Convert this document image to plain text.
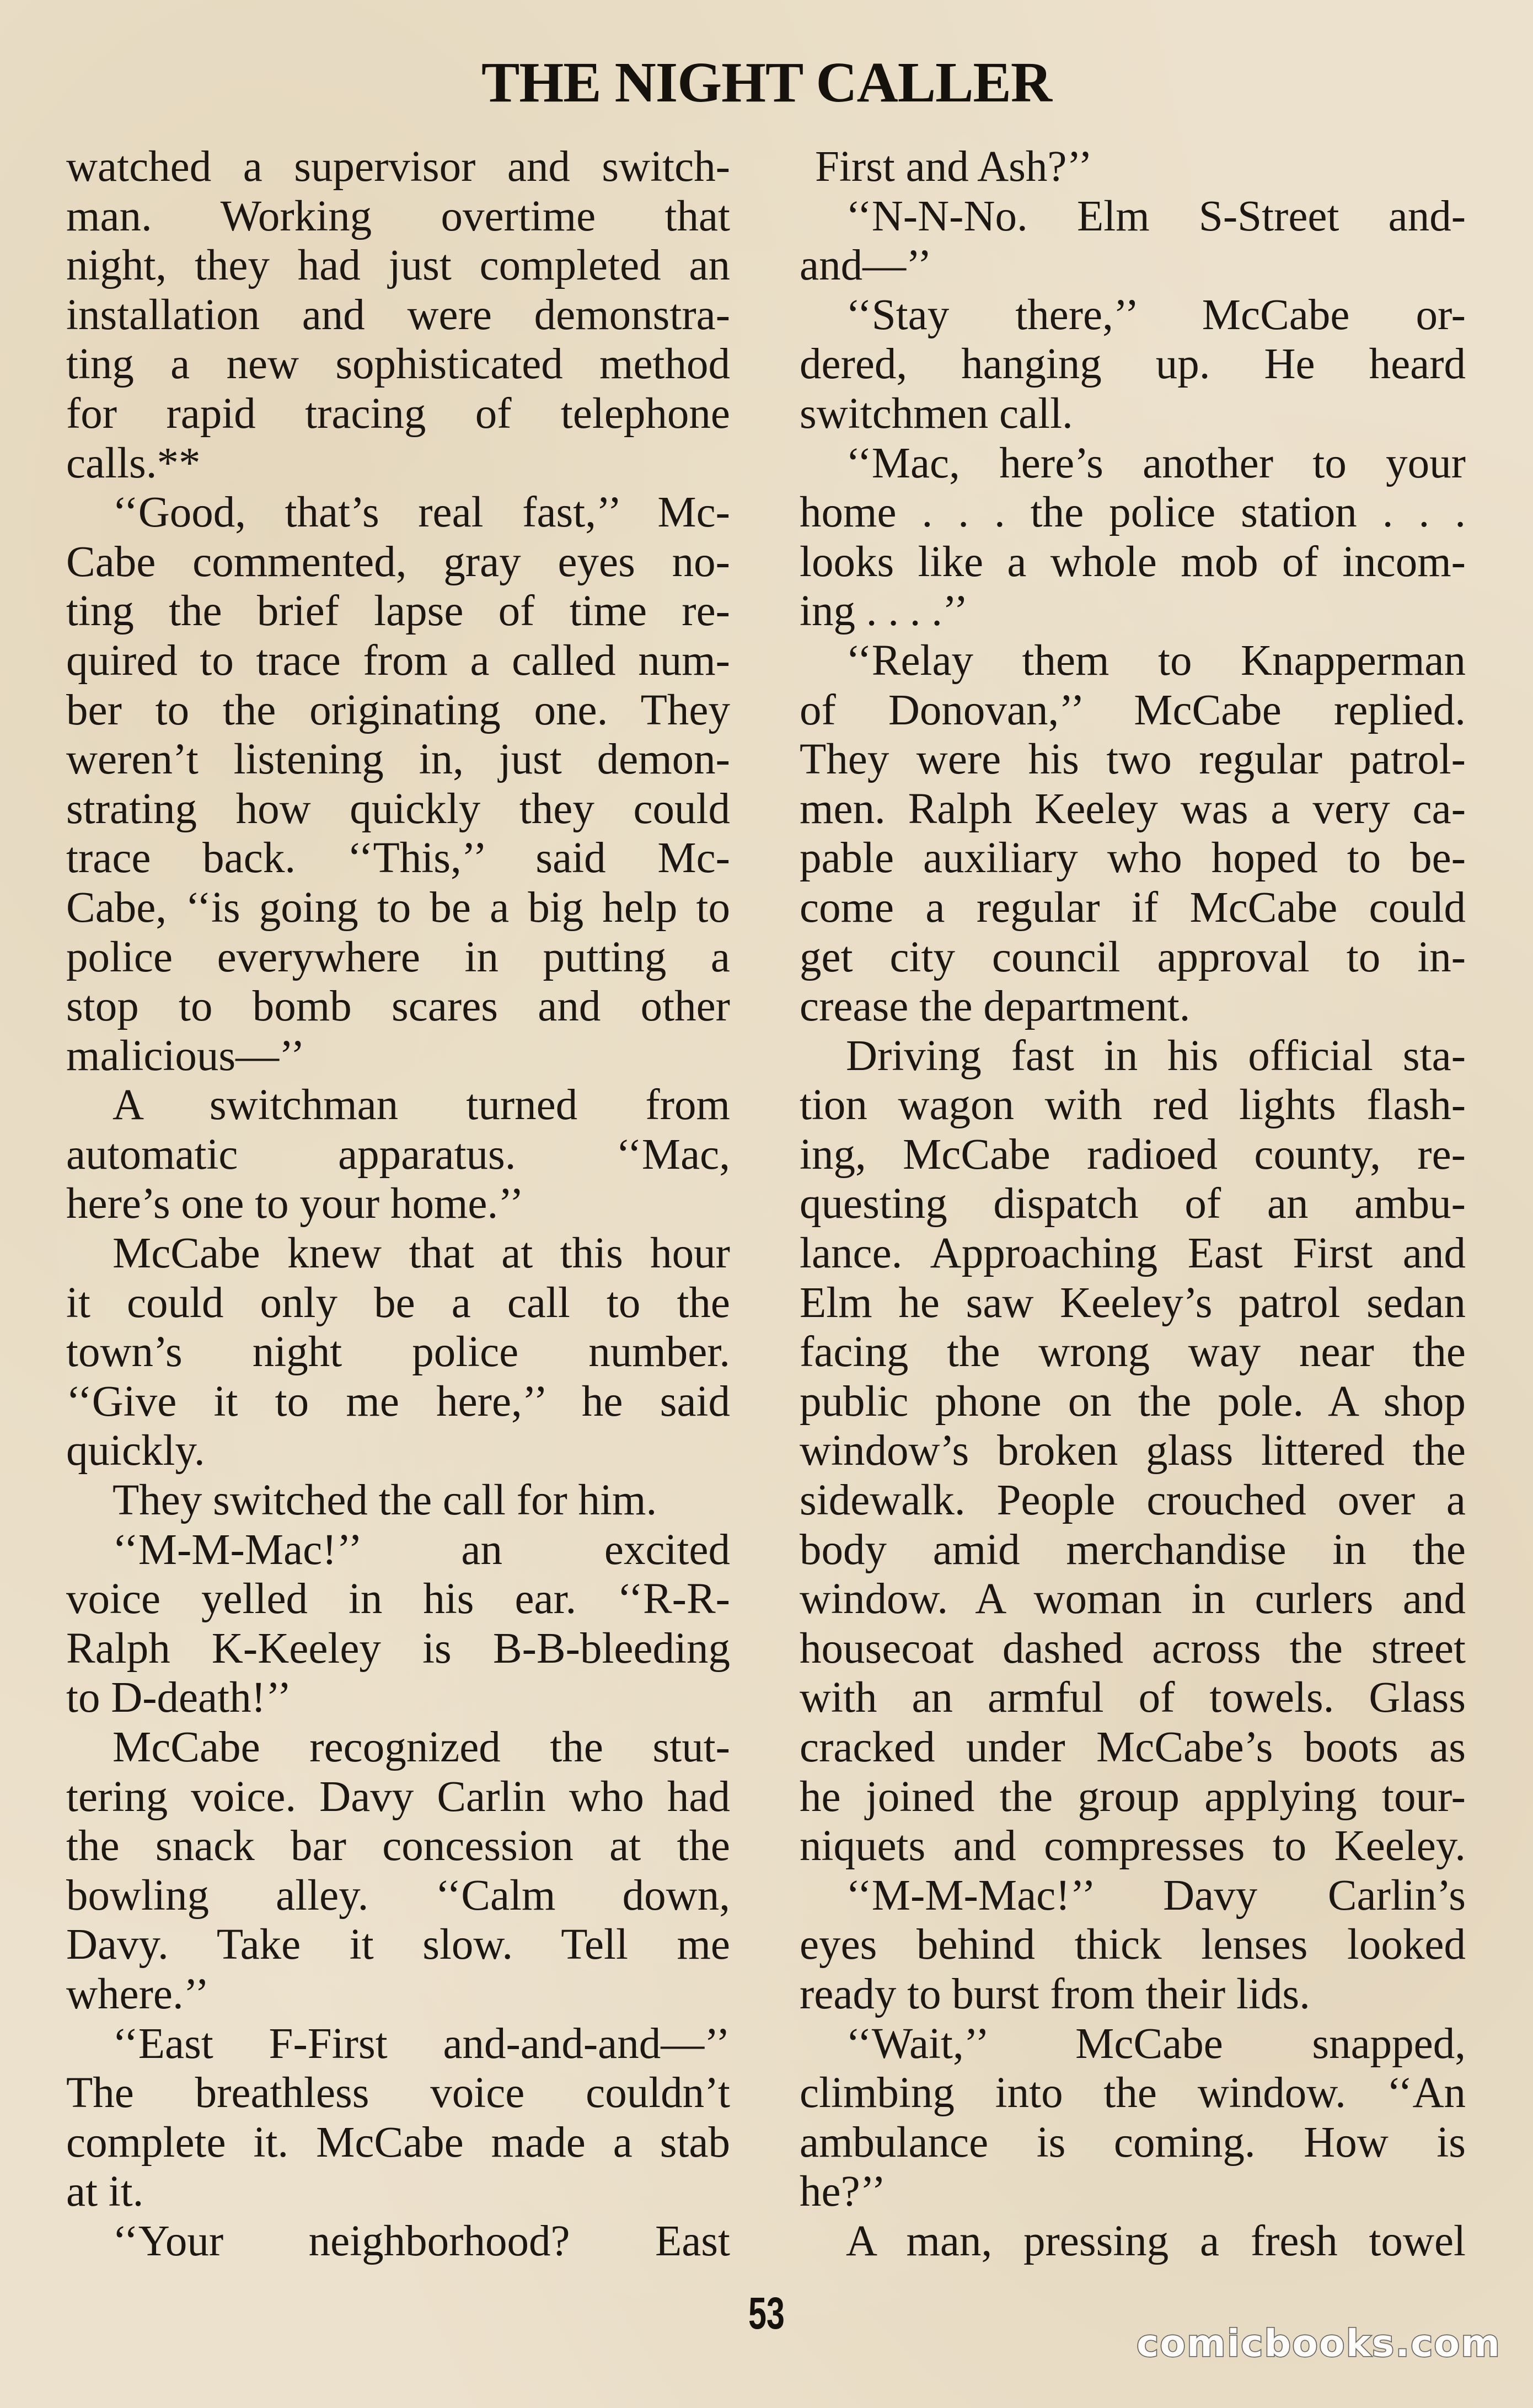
THE NIGHT CALLER
watched a supervisor and switch-
man. Working overtime that
night, they had just completed an
installation and were demonstra-
ting a new sophisticated method
for rapid tracing of telephone
calls.**
‘‘Good, that’s real fast,’’ Mc-
Cabe commented, gray eyes no-
ting the brief lapse of time re-
quired to trace from a called num-
ber to the originating one. They
weren’t listening in, just demon-
strating how quickly they could
trace back. ‘‘This,’’ said Mc-
Cabe, ‘‘is going to be a big help to
police everywhere in putting a
stop to bomb scares and other
malicious—’’
A switchman turned from
automatic apparatus. ‘‘Mac,
here’s one to your home.’’
McCabe knew that at this hour
it could only be a call to the
town’s night police number.
‘‘Give it to me here,’’ he said
quickly.
They switched the call for him.
‘‘M-M-Mac!’’ an excited
voice yelled in his ear. ‘‘R-R-
Ralph K-Keeley is B-B-bleeding
to D-death!’’
McCabe recognized the stut-
tering voice. Davy Carlin who had
the snack bar concession at the
bowling alley. ‘‘Calm down,
Davy. Take it slow. Tell me
where.’’
‘‘East F-First and-and-and—’’
The breathless voice couldn’t
complete it. McCabe made a stab
at it.
‘‘Your neighborhood? East
First and Ash?’’
‘‘N-N-No. Elm S-Street and-
and—’’
‘‘Stay there,’’ McCabe or-
dered, hanging up. He heard
switchmen call.
‘‘Mac, here’s another to your
home . . . the police station . . .
looks like a whole mob of incom-
ing . . . .’’
‘‘Relay them to Knapperman
of Donovan,’’ McCabe replied.
They were his two regular patrol-
men. Ralph Keeley was a very ca-
pable auxiliary who hoped to be-
come a regular if McCabe could
get city council approval to in-
crease the department.
Driving fast in his official sta-
tion wagon with red lights flash-
ing, McCabe radioed county, re-
questing dispatch of an ambu-
lance. Approaching East First and
Elm he saw Keeley’s patrol sedan
facing the wrong way near the
public phone on the pole. A shop
window’s broken glass littered the
sidewalk. People crouched over a
body amid merchandise in the
window. A woman in curlers and
housecoat dashed across the street
with an armful of towels. Glass
cracked under McCabe’s boots as
he joined the group applying tour-
niquets and compresses to Keeley.
‘‘M-M-Mac!’’ Davy Carlin’s
eyes behind thick lenses looked
ready to burst from their lids.
‘‘Wait,’’ McCabe snapped,
climbing into the window. ‘‘An
ambulance is coming. How is
he?’’
A man, pressing a fresh towel
53
comicbooks.com
